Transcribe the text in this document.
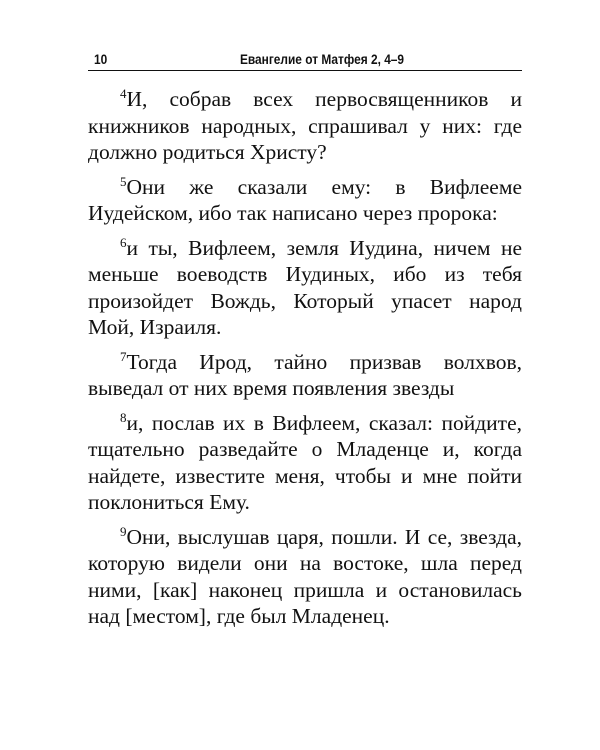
10	Евангелие от Матфея 2, 4–9

$^4$И, собрав всех первосвященников и книжников народных, спрашивал у них: где должно родиться Христу?

$^5$Они же сказали ему: в Вифлееме Иудейском, ибо так написано через пророка:

$^6$и ты, Вифлеем, земля Иудина, ничем не меньше воеводств Иудиных, ибо из тебя произойдет Вождь, Который упасет народ Мой, Израиля.

$^7$Тогда Ирод, тайно призвав волхвов, выведал от них время появления звезды

$^8$и, послав их в Вифлеем, сказал: пойдите, тщательно разведайте о Младенце и, когда найдете, известите меня, чтобы и мне пойти поклониться Ему.

$^9$Они, выслушав царя, пошли. И се, звезда, которую видели они на востоке, шла перед ними, [как] наконец пришла и остановилась над [местом], где был Младенец.
